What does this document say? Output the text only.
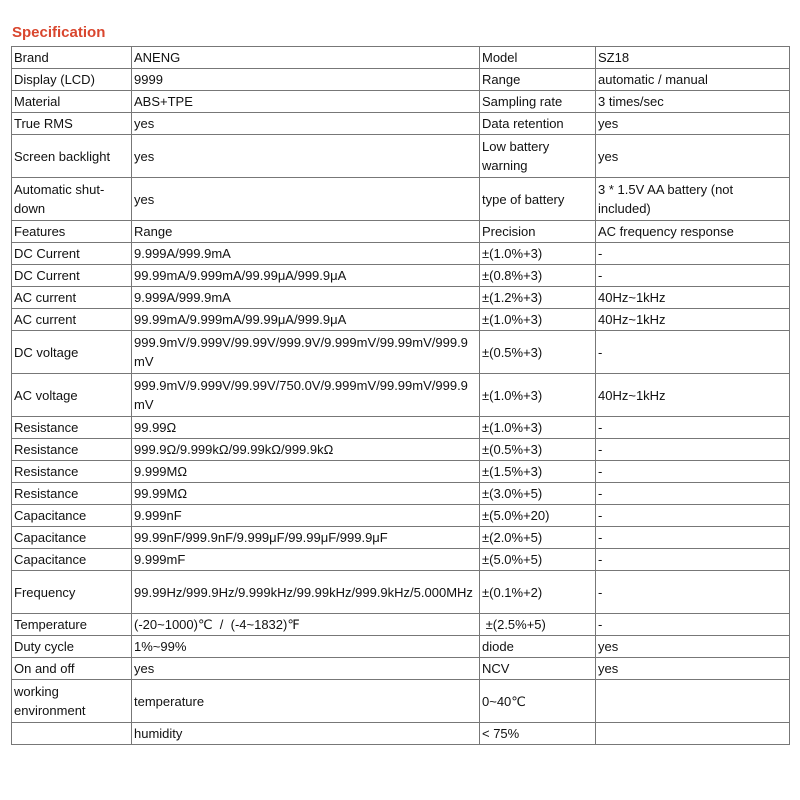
Specification
Brand	ANENG	Model	SZ18
Display (LCD)	9999	Range	automatic / manual
Material	ABS+TPE	Sampling rate	3 times/sec
True RMS	yes	Data retention	yes
Screen backlight	yes	Low battery warning	yes
Automatic shut-down	yes	type of battery	3 * 1.5V AA battery (not included)
Features	Range	Precision	AC frequency response
DC Current	9.999A/999.9mA	±(1.0%+3)	-
DC Current	99.99mA/9.999mA/99.99μA/999.9μA	±(0.8%+3)	-
AC current	9.999A/999.9mA	±(1.2%+3)	40Hz~1kHz
AC current	99.99mA/9.999mA/99.99μA/999.9μA	±(1.0%+3)	40Hz~1kHz
DC voltage	999.9mV/9.999V/99.99V/999.9V/9.999mV/99.99mV/999.9mV	±(0.5%+3)	-
AC voltage	999.9mV/9.999V/99.99V/750.0V/9.999mV/99.99mV/999.9mV	±(1.0%+3)	40Hz~1kHz
Resistance	99.99Ω	±(1.0%+3)	-
Resistance	999.9Ω/9.999kΩ/99.99kΩ/999.9kΩ	±(0.5%+3)	-
Resistance	9.999MΩ	±(1.5%+3)	-
Resistance	99.99MΩ	±(3.0%+5)	-
Capacitance	9.999nF	±(5.0%+20)	-
Capacitance	99.99nF/999.9nF/9.999μF/99.99μF/999.9μF	±(2.0%+5)	-
Capacitance	9.999mF	±(5.0%+5)	-
Frequency	99.99Hz/999.9Hz/9.999kHz/99.99kHz/999.9kHz/5.000MHz	±(0.1%+2)	-
Temperature	(-20~1000)℃  /  (-4~1832)℉	±(2.5%+5)	-
Duty cycle	1%~99%	diode	yes
On and off	yes	NCV	yes
working environment	temperature	0~40℃	
	humidity	< 75%	
